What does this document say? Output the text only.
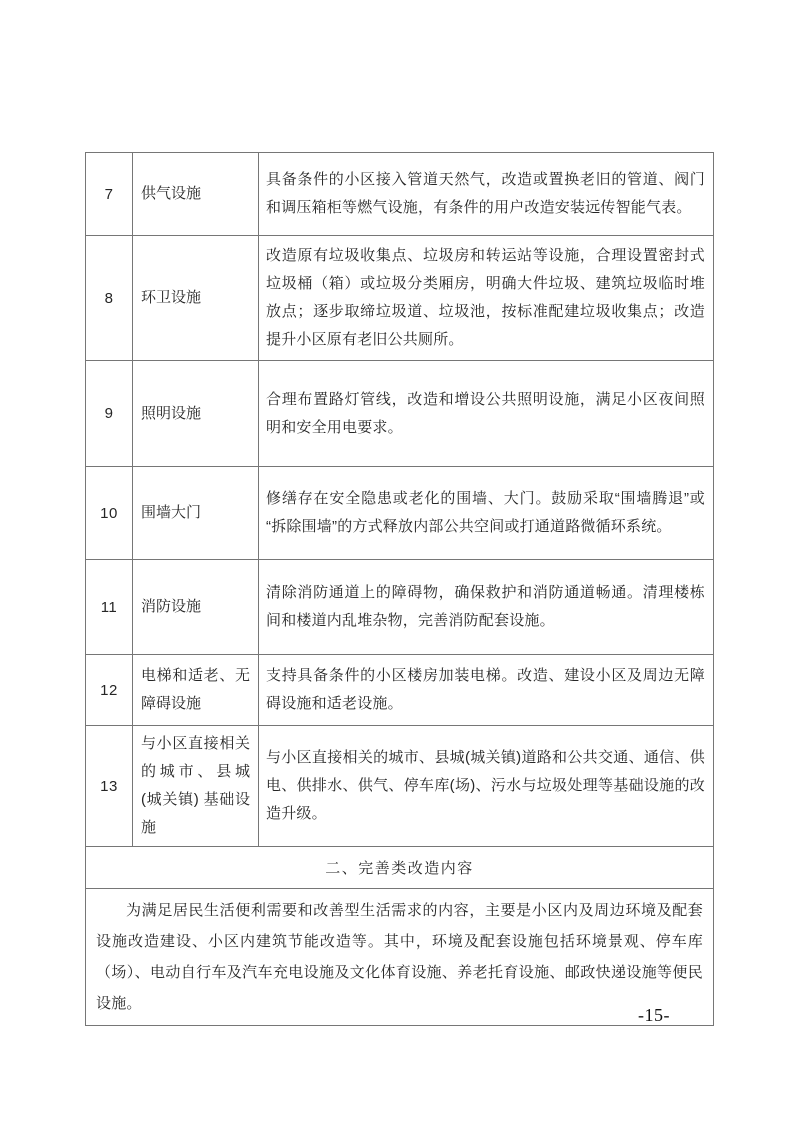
7	供气设施	具备条件的小区接入管道天然气，改造或置换老旧的管道、阀门和调压箱柜等燃气设施，有条件的用户改造安装远传智能气表。
8	环卫设施	改造原有垃圾收集点、垃圾房和转运站等设施，合理设置密封式垃圾桶（箱）或垃圾分类厢房，明确大件垃圾、建筑垃圾临时堆放点；逐步取缔垃圾道、垃圾池，按标准配建垃圾收集点；改造提升小区原有老旧公共厕所。
9	照明设施	合理布置路灯管线，改造和增设公共照明设施，满足小区夜间照明和安全用电要求。
10	围墙大门	修缮存在安全隐患或老化的围墙、大门。鼓励采取“围墙腾退”或“拆除围墙”的方式释放内部公共空间或打通道路微循环系统。
11	消防设施	清除消防通道上的障碍物，确保救护和消防通道畅通。清理楼栋间和楼道内乱堆杂物，完善消防配套设施。
12	电梯和适老、无障碍设施	支持具备条件的小区楼房加装电梯。改造、建设小区及周边无障碍设施和适老设施。
13	与小区直接相关的城市、县城(城关镇) 基础设施	与小区直接相关的城市、县城(城关镇)道路和公共交通、通信、供电、供排水、供气、停车库(场)、污水与垃圾处理等基础设施的改造升级。
二、完善类改造内容		

为满足居民生活便利需要和改善型生活需求的内容，主要是小区内及周边环境及配套设施改造建设、小区内建筑节能改造等。其中，环境及配套设施包括环境景观、停车库（场）、电动自行车及汽车充电设施及文化体育设施、养老托育设施、邮政快递设施等便民设施。		

-15-
